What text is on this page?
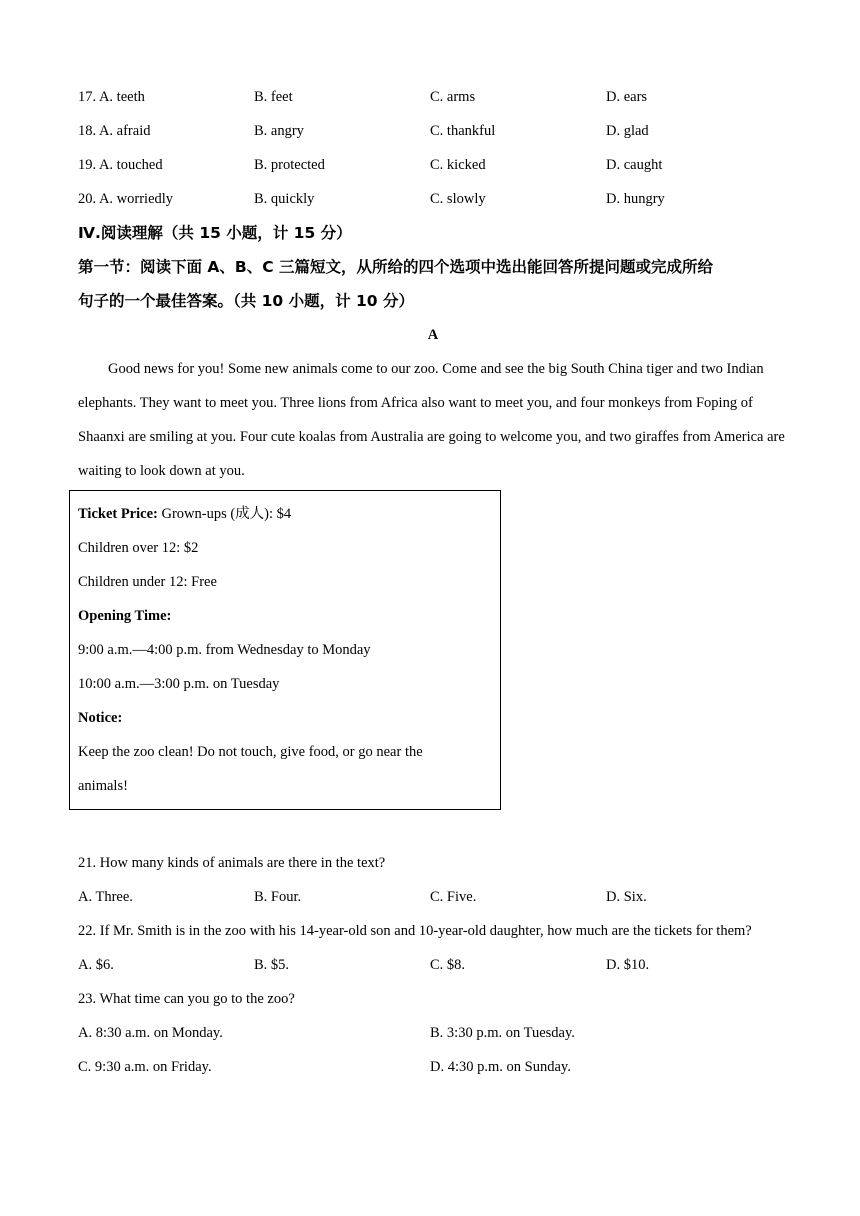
17. A. teeth	B. feet	C. arms	D. ears
18. A. afraid	B. angry	C. thankful	D. glad
19. A. touched	B. protected	C. kicked	D. caught
20. A. worriedly	B. quickly	C. slowly	D. hungry
Ⅳ.阅读理解（共 15 小题，计 15 分）
第一节：阅读下面 A、B、C 三篇短文，从所给的四个选项中选出能回答所提问题或完成所给
句子的一个最佳答案。（共 10 小题，计 10 分）
A

Good news for you! Some new animals come to our zoo. Come and see the big South China tiger and two Indian elephants. They want to meet you. Three lions from Africa also want to meet you, and four monkeys from Foping of Shaanxi are smiling at you. Four cute koalas from Australia are going to welcome you, and two giraffes from America are waiting to look down at you.

Ticket Price: Grown-ups (成人): $4
Children over 12: $2
Children under 12: Free
Opening Time:
9:00 a.m.—4:00 p.m. from Wednesday to Monday
10:00 a.m.—3:00 p.m. on Tuesday
Notice:
Keep the zoo clean! Do not touch, give food, or go near the animals!
21. How many kinds of animals are there in the text?
A. Three.	B. Four.	C. Five.	D. Six.
22. If Mr. Smith is in the zoo with his 14-year-old son and 10-year-old daughter, how much are the tickets for them?
A. $6.	B. $5.	C. $8.	D. $10.
23. What time can you go to the zoo?
A. 8:30 a.m. on Monday.	B. 3:30 p.m. on Tuesday.
C. 9:30 a.m. on Friday.	D. 4:30 p.m. on Sunday.
